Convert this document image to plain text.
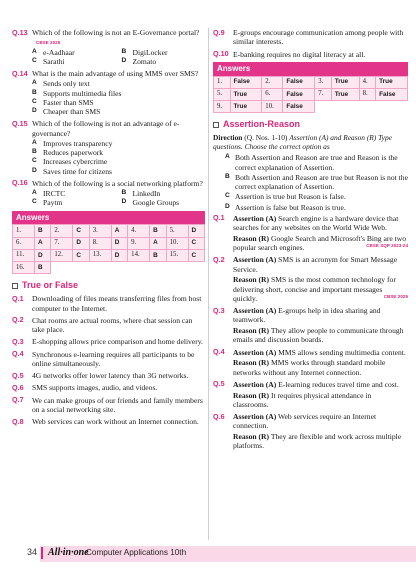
Q.13 Which of the following is not an E-Governance portal?CBSE 2025
A e-Aadhaar	B DigiLocker
C Sarathi	D Zomato
Q.14 What is the main advantage of using MMS over SMS?
A Sends only text
B Supports multimedia files
C Faster than SMS
D Cheaper than SMS
Q.15 Which of the following is not an advantage of e-governance?
A Improves transparency
B Reduces paperwork
C Increases cybercrime
D Saves time for citizens
Q.16 Which of the following is a social networking platform?
A IRCTC	B LinkedIn
C Paytm	D Google Groups
Answers
1.	B	2.	C	3.	A	4.	B	5.	D
6.	A	7.	D	8.	D	9.	A	10.	C
11.	D	12.	C	13.	D	14.	B	15.	C
16.	B								
True or False
Q.1	Downloading of files means transferring files from host computer to the Internet.
Q.2	Chat rooms are actual rooms, where chat session can take place.
Q.3	E-shopping allows price comparison and home delivery.
Q.4	Synchronous e-learning requires all participants to be online simultaneously.
Q.5	4G networks offer lower latency than 3G networks.
Q.6	SMS supports images, audio, and videos.
Q.7	We can make groups of our friends and family members on a social networking site.
Q.8	Web services can work without an Internet connection.
Q.9	E-groups encourage communication among people with similar interests.
Q.10 E-banking requires no digital literacy at all.
Answers
1.	False	2.	False	3.	True	4.	True
5.	True	6.	False	7.	True	8.	False
9.	True	10.	False				
Assertion-Reason
Direction (Q. Nos. 1-10) Assertion (A) and Reason (R) Type questions. Choose the correct option as
A Both Assertion and Reason are true and Reason is the correct explanation of Assertion.
B Both Assertion and Reason are true but Reason is not the correct explanation of Assertion.
C Assertion is true but Reason is false.
D Assertion is false but Reason is true.
Q.1	Assertion (A) Search engine is a hardware device that searches for any websites on the World Wide Web.
Reason (R) Google Search and Microsoft's Bing are two popular search engines.	CBSE SQP 2023-24
Q.2	Assertion (A) SMS is an acronym for Smart Message Service.
Reason (R) SMS is the most common technology for delivering short, concise and important messages quickly.	CBSE 2025
Q.3	Assertion (A) E-groups help in idea sharing and teamwork.
Reason (R) They allow people to communicate through emails and discussion boards.
Q.4	Assertion (A) MMS allows sending multimedia content.
Reason (R) MMS works through standard mobile networks without any Internet connection.
Q.5	Assertion (A) E-learning reduces travel time and cost.
Reason (R) It requires physical attendance in classrooms.
Q.6	Assertion (A) Web services require an Internet connection.
Reason (R) They are flexible and work across multiple platforms.
34 All·in·one
Computer Applications 10th
